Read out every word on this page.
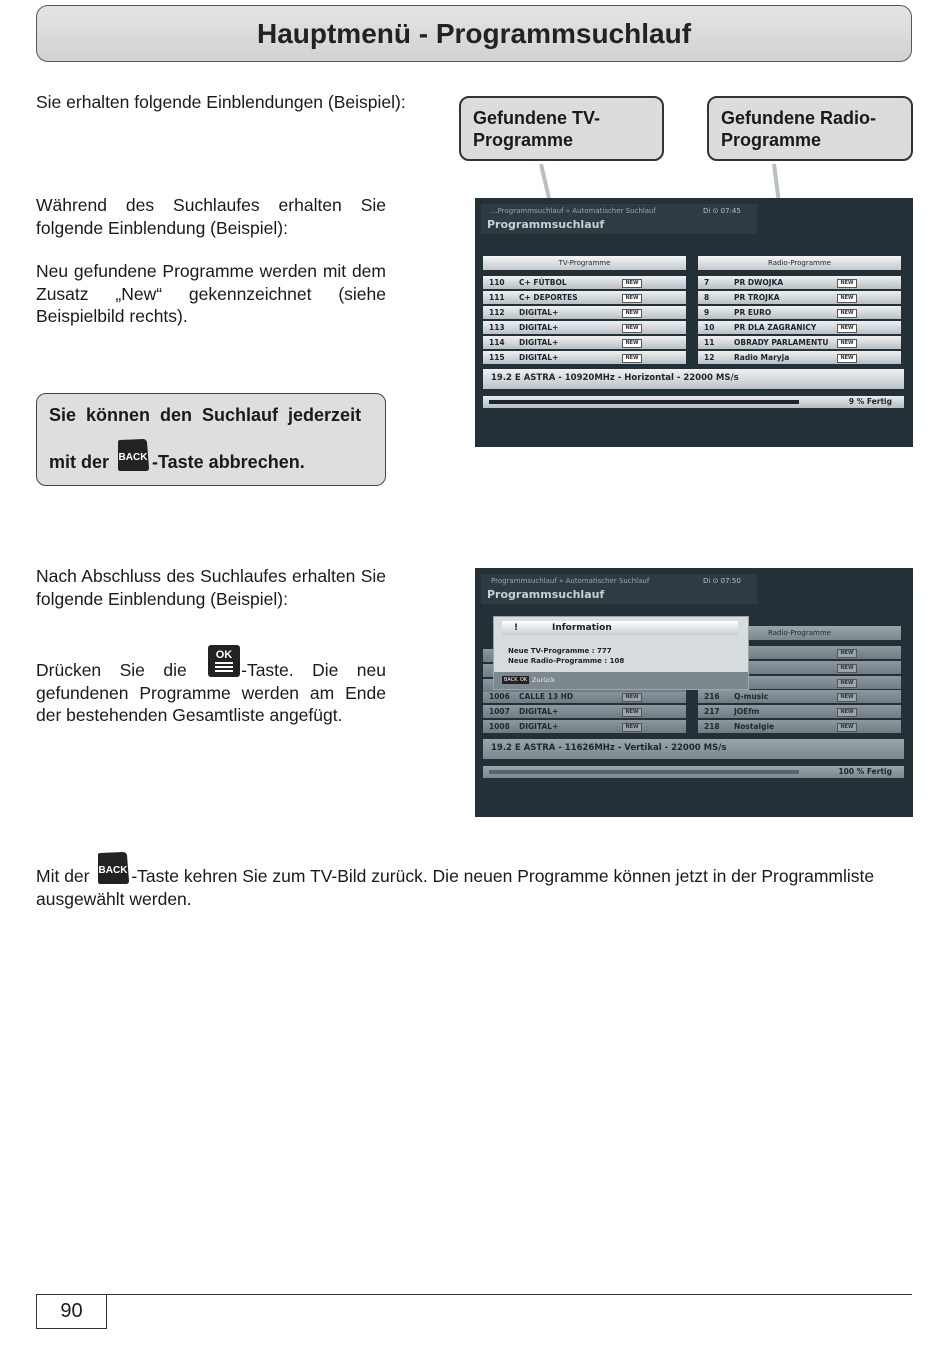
Hauptmenü - Programmsuchlauf
Sie erhalten folgende Einblendungen (Beispiel):
Gefundene TV-Programme
Gefundene Radio-Programme
Während des Suchlaufes erhalten Sie folgende Einblendung (Beispiel):
Neu gefundene Programme werden mit dem Zusatz „New“ gekennzeichnet (siehe Beispielbild rechts).
...Programmsuchlauf » Automatischer Suchlauf	Di ⊙ 07:45
Programmsuchlauf
TV-Programme	Radio-Programme
110 C+ FÚTBOL	NEW
111 C+ DEPORTES	NEW
112 DIGITAL+	NEW
113 DIGITAL+	NEW
114 DIGITAL+	NEW
115 DIGITAL+	NEW
7	PR DWOJKA	NEW
8	PR TROJKA	NEW
9	PR EURO	NEW
10	PR DLA ZAGRANICY	NEW
11	OBRADY PARLAMENTU	NEW
12	Radio Maryja	NEW
19.2 E ASTRA - 10920MHz - Horizontal - 22000 MS/s
9 % Fertig
Sie können den Suchlauf jederzeit
mit der BACK -Taste abbrechen.
Nach Abschluss des Suchlaufes erhalten Sie folgende Einblendung (Beispiel):
Drücken Sie die
OK
-Taste. Die neu gefundenen Programme werden am Ende der bestehenden Gesamtliste angefügt.
Programmsuchlauf » Automatischer Suchlauf	Di ⊙ 07:50
Programmsuchlauf
Radio-Programme
NEW
NEW
NEW
1006 CALLE 13 HD	NEW
1007 DIGITAL+	NEW
1008 DIGITAL+	NEW
216 Q-music	NEW
217 JOEfm	NEW
218 Nostalgie	NEW
!	Information
Neue TV-Programme : 777
Neue Radio-Programme : 108
BACK OK Zurück
19.2 E ASTRA - 11626MHz - Vertikal - 22000 MS/s
100 % Fertig
Mit der BACK -Taste kehren Sie zum TV-Bild zurück. Die neuen Programme können jetzt in der Programmliste ausgewählt werden.
90
